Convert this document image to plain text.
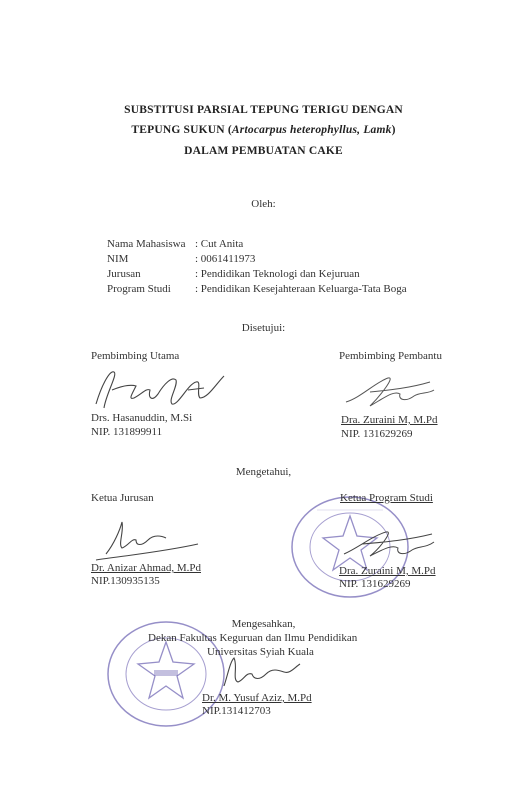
SUBSTITUSI PARSIAL TEPUNG TERIGU DENGAN
TEPUNG SUKUN (Artocarpus heterophyllus, Lamk)
DALAM PEMBUATAN CAKE
Oleh:
Nama Mahasiswa : Cut Anita
NIM	: 0061411973
Jurusan	: Pendidikan Teknologi dan Kejuruan
Program Studi : Pendidikan Kesejahteraan Keluarga-Tata Boga
Disetujui:
Pembimbing Utama
Drs. Hasanuddin, M.Si
NIP. 131899911
Pembimbing Pembantu
Dra. Zuraini M, M.Pd
NIP. 131629269
Mengetahui,
Ketua Jurusan
Dr. Anizar Ahmad, M.Pd
NIP.130935135
Ketua Program Studi
Dra. Zuraini M, M.Pd
NIP. 131629269
Mengesahkan,
Dekan Fakultas Keguruan dan Ilmu Pendidikan
Universitas Syiah Kuala
Dr. M. Yusuf Aziz, M.Pd
NIP.131412703
